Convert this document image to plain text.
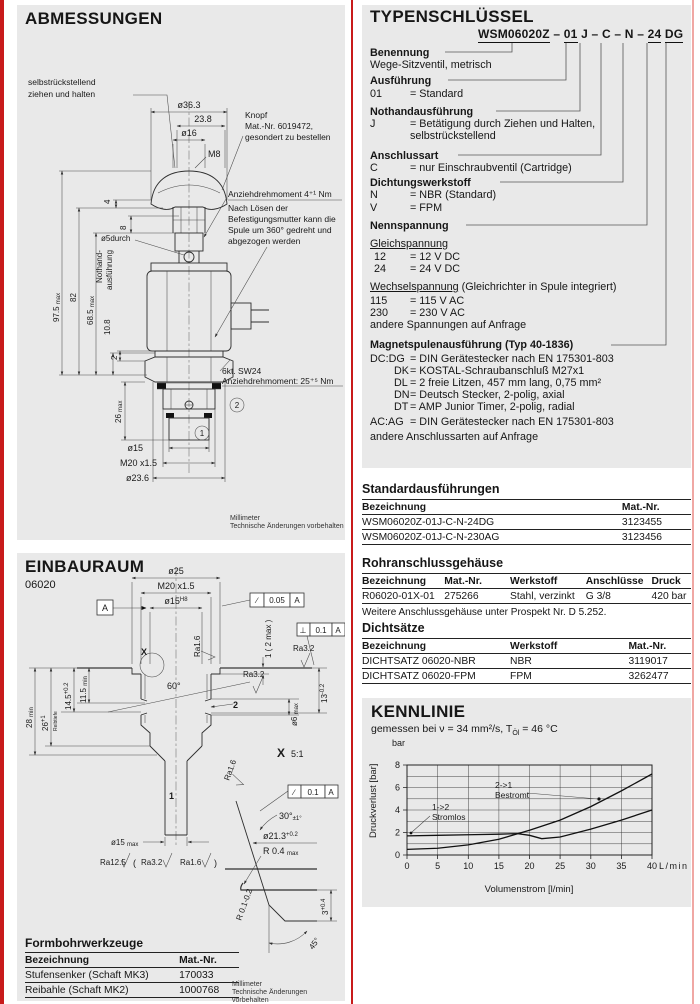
ABMESSUNGEN
selbstrückstellend
ziehen und halten
ø36.3
23.8
ø16
M8
Knopf
Mat.-Nr. 6019472,
gesondert zu bestellen
4
8
ø5durch
Nothand- ausführung
Anziehdrehmoment 4⁺¹ Nm
Nach Lösen der
Befestigungsmutter kann die
Spule um 360° gedreht und
abgezogen werden
97.5 max 82
68.5 max
10.8
2
26 max
6kt. SW24
Anziehdrehmoment: 25⁺⁵ Nm
1
2
ø15
M20 x1.5
ø23.6
Millimeter
Technische Änderungen vorbehalten
EINBAURAUM
06020
ø25
M20 x1.5
$ø15^{H8}$
A
∕ 0.05 A
⊥ 0.1 A
Ra3.2
Ra3.2
Ra1.6	1 ( 2 max )
$13^{-0.2}$
ø6 max
2
60°
X
28 min
$26^{+1}$	Reibtiefe
$14.5^{+0.2}$	11.5 min
1
ø15 max
Ra12.5 ( Ra3.2 Ra1.6 )
X 5:1
∕ 0.1 A
Ra1.6
30°±1°
$ø21.3^{+0.2}$
R 0.4 max
R 0.1-0.2	$3^{+0.4}$
45°
Formbohrwerkzeuge
Bezeichnung	Mat.-Nr.
Stufensenker (Schaft MK3)	170033
Reibahle (Schaft MK2)	1000768
Millimeter
Technische Änderungen vorbehalten
TYPENSCHLÜSSEL
WSM06020Z – 01 J – C – N – 24 DG
Benennung
Wege-Sitzventil, metrisch
Ausführung
01	= Standard
Nothandausführung
J	= Betätigung durch Ziehen und Halten,
selbstrückstellend
Anschlussart
C	= nur Einschraubventil (Cartridge)
Dichtungswerkstoff
N	= NBR (Standard)
V	= FPM
Nennspannung
Gleichspannung
12 = 12 V DC
24 = 24 V DC
Wechselspannung (Gleichrichter in Spule integriert)
115 = 115 V AC
230 = 230 V AC
andere Spannungen auf Anfrage
Magnetspulenausführung (Typ 40-1836)
DC:DG = DIN Gerätestecker nach EN 175301-803
DK= KOSTAL-Schraubanschluß M27x1
DL = 2 freie Litzen, 457 mm lang, 0,75 mm²
DN= Deutsch Stecker, 2-polig, axial
DT = AMP Junior Timer, 2-polig, radial
AC:AG = DIN Gerätestecker nach EN 175301-803
andere Anschlussarten auf Anfrage
Standardausführungen
Bezeichnung	Mat.-Nr.
WSM06020Z-01J-C-N-24DG	3123455
WSM06020Z-01J-C-N-230AG	3123456
Rohranschlussgehäuse
Bezeichnung	Mat.-Nr.	Werkstoff	Anschlüsse	Druck
R06020-01X-01	275266	Stahl, verzinkt	G 3/8	420 bar
Weitere Anschlussgehäuse unter Prospekt Nr. D 5.252.
Dichtsätze
Bezeichnung	Werkstoff	Mat.-Nr.
DICHTSATZ 06020-NBR	NBR	3119017
DICHTSATZ 06020-FPM	FPM	3262477
KENNLINIE
gemessen bei ν = 34 mm²/s, $T_{Öl} = 46$ °C
2->1
Bestromt
1->2
Stromlos
bar
8
6
4
2
0
0	5	10 15 20 25 30 35 40 L/min
Volumenstrom [l/min]
Druckverlust [bar]
